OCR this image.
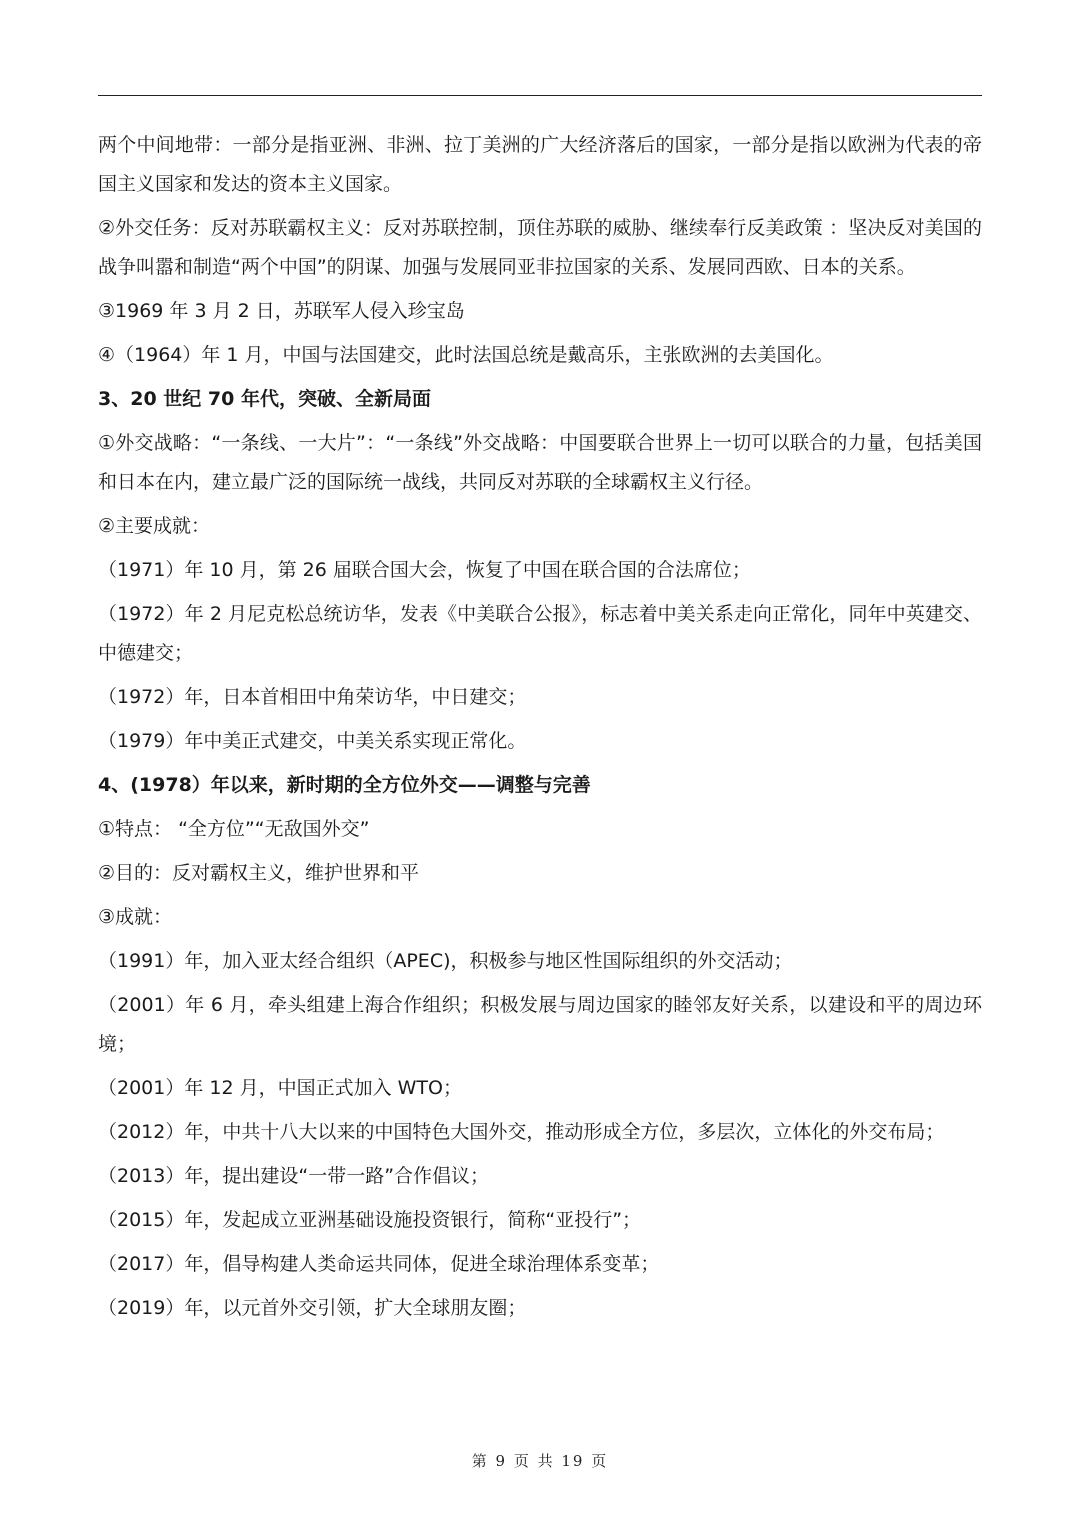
两个中间地带：一部分是指亚洲、非洲、拉丁美洲的广大经济落后的国家，一部分是指以欧洲为代表的帝国主义国家和发达的资本主义国家。

②外交任务：反对苏联霸权主义：反对苏联控制，顶住苏联的威胁、继续奉行反美政策 ：坚决反对美国的战争叫嚣和制造“两个中国”的阴谋、加强与发展同亚非拉国家的关系、发展同西欧、日本的关系。

③1969 年 3 月 2 日，苏联军人侵入珍宝岛

④（1964）年 1 月，中国与法国建交，此时法国总统是戴高乐，主张欧洲的去美国化。

3、20 世纪 70 年代，突破、全新局面

①外交战略：“一条线、一大片”：“一条线”外交战略：中国要联合世界上一切可以联合的力量，包括美国和日本在内，建立最广泛的国际统一战线，共同反对苏联的全球霸权主义行径。

②主要成就：

（1971）年 10 月，第 26 届联合国大会，恢复了中国在联合国的合法席位；

（1972）年 2 月尼克松总统访华，发表《中美联合公报》，标志着中美关系走向正常化，同年中英建交、中德建交；

（1972）年，日本首相田中角荣访华，中日建交；

（1979）年中美正式建交，中美关系实现正常化。

4、(1978）年以来，新时期的全方位外交——调整与完善

①特点： “全方位”“无敌国外交”

②目的：反对霸权主义，维护世界和平

③成就：

（1991）年，加入亚太经合组织（APEC)，积极参与地区性国际组织的外交活动；

（2001）年 6 月，牵头组建上海合作组织；积极发展与周边国家的睦邻友好关系，以建设和平的周边环境；

（2001）年 12 月，中国正式加入 WTO；

（2012）年，中共十八大以来的中国特色大国外交，推动形成全方位，多层次，立体化的外交布局；

（2013）年，提出建设“一带一路”合作倡议；

（2015）年，发起成立亚洲基础设施投资银行，简称“亚投行”；

（2017）年，倡导构建人类命运共同体，促进全球治理体系变革；

（2019）年，以元首外交引领，扩大全球朋友圈；

第 9 页 共 19 页
